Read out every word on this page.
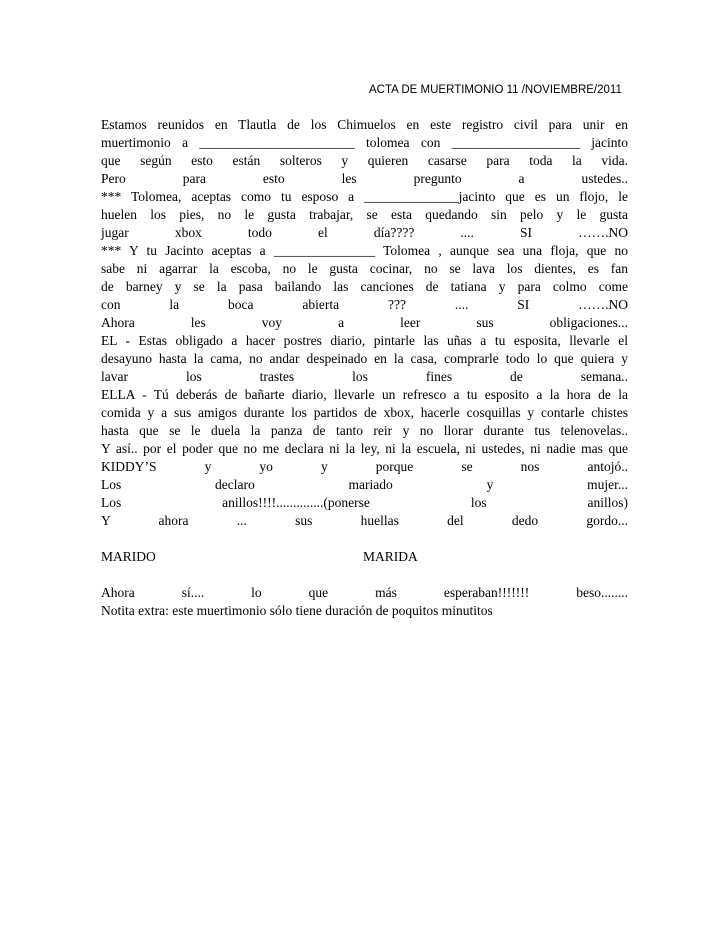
ACTA DE MUERTIMONIO 11 /NOVIEMBRE/2011
Estamos reunidos en Tlautla de los Chimuelos en este registro civil para unir en
muertimonio a _______________________ tolomea con ___________________ jacinto
que según esto están solteros y quieren casarse para toda la vida.
Pero para esto les pregunto a ustedes..
*** Tolomea, aceptas como tu esposo a ______________jacinto que es un flojo, le
huelen los pies, no le gusta trabajar, se esta quedando sin pelo y le gusta
jugar xbox todo el día???? .... SI …….NO
*** Y tu Jacinto aceptas a _______________ Tolomea , aunque sea una floja, que no
sabe ni agarrar la escoba, no le gusta cocinar, no se lava los dientes, es fan
de barney y se la pasa bailando las canciones de tatiana y para colmo come
con la boca abierta ??? .... SI …….NO
Ahora les voy a leer sus obligaciones...
EL - Estas obligado a hacer postres diario, pintarle las uñas a tu esposita, llevarle el
desayuno hasta la cama, no andar despeinado en la casa, comprarle todo lo que quiera y
lavar los trastes los fines de semana..
ELLA - Tú deberás de bañarte diario, llevarle un refresco a tu esposito a la hora de la
comida y a sus amigos durante los partidos de xbox, hacerle cosquillas y contarle chistes
hasta que se le duela la panza de tanto reir y no llorar durante tus telenovelas..
Y así.. por el poder que no me declara ni la ley, ni la escuela, ni ustedes, ni nadie mas que
KIDDY’S y yo y porque se nos antojó..
Los declaro mariado y mujer...
Los anillos!!!!..............(ponerse los anillos)
Y ahora ... sus huellas del dedo gordo...
MARIDO	MARIDA
Ahora sí.... lo que más esperaban!!!!!!! beso........
Notita extra: este muertimonio sólo tiene duración de poquitos minutitos
